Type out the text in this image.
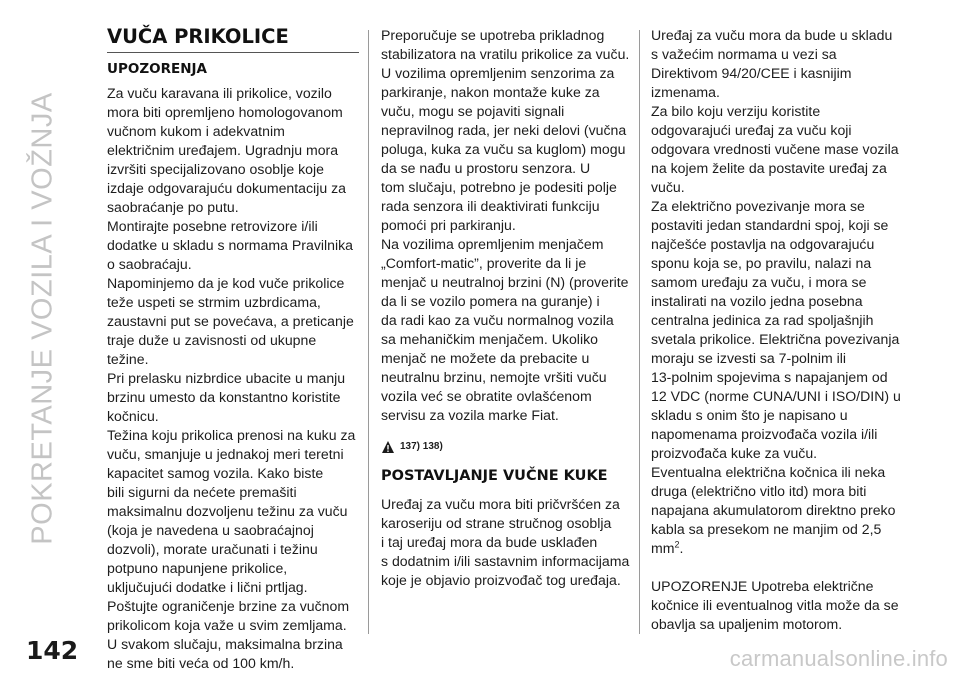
POKRETANJE VOZILA I VOŽNJA
VUČA PRIKOLICE
UPOZORENJA

Za vuču karavana ili prikolice, vozilo
mora biti opremljeno homologovanom
vučnom kukom i adekvatnim
električnim uređajem. Ugradnju mora
izvršiti specijalizovano osoblje koje
izdaje odgovarajuću dokumentaciju za
saobraćanje po putu.
Montirajte posebne retrovizore i/ili
dodatke u skladu s normama Pravilnika
o saobraćaju.
Napominjemo da je kod vuče prikolice
teže uspeti se strmim uzbrdicama,
zaustavni put se povećava, a preticanje
traje duže u zavisnosti od ukupne
težine.
Pri prelasku nizbrdice ubacite u manju
brzinu umesto da konstantno koristite
kočnicu.
Težina koju prikolica prenosi na kuku za
vuču, smanjuje u jednakoj meri teretni
kapacitet samog vozila. Kako biste
bili sigurni da nećete premašiti
maksimalnu dozvoljenu težinu za vuču
(koja je navedena u saobraćajnoj
dozvoli), morate uračunati i težinu
potpuno napunjene prikolice,
uključujući dodatke i lični prtljag.
Poštujte ograničenje brzine za vučnom
prikolicom koja važe u svim zemljama.
U svakom slučaju, maksimalna brzina
ne sme biti veća od 100 km/h.

Preporučuje se upotreba prikladnog
stabilizatora na vratilu prikolice za vuču.
U vozilima opremljenim senzorima za
parkiranje, nakon montaže kuke za
vuču, mogu se pojaviti signali
nepravilnog rada, jer neki delovi (vučna
poluga, kuka za vuču sa kuglom) mogu
da se nađu u prostoru senzora. U
tom slučaju, potrebno je podesiti polje
rada senzora ili deaktivirati funkciju
pomoći pri parkiranju.
Na vozilima opremljenim menjačem
„Comfort-matic”, proverite da li je
menjač u neutralnoj brzini (N) (proverite
da li se vozilo pomera na guranje) i
da radi kao za vuču normalnog vozila
sa mehaničkim menjačem. Ukoliko
menjač ne možete da prebacite u
neutralnu brzinu, nemojte vršiti vuču
vozila već se obratite ovlašćenom
servisu za vozila marke Fiat.

137) 138)
POSTAVLJANJE VUČNE KUKE

Uređaj za vuču mora biti pričvršćen za
karoseriju od strane stručnog osoblja
i taj uređaj mora da bude usklađen
s dodatnim i/ili sastavnim informacijama
koje je objavio proizvođač tog uređaja.

Uređaj za vuču mora da bude u skladu
s važećim normama u vezi sa
Direktivom 94/20/CEE i kasnijim
izmenama.
Za bilo koju verziju koristite
odgovarajući uređaj za vuču koji
odgovara vrednosti vučene mase vozila
na kojem želite da postavite uređaj za
vuču.
Za električno povezivanje mora se
postaviti jedan standardni spoj, koji se
najčešće postavlja na odgovarajuću
sponu koja se, po pravilu, nalazi na
samom uređaju za vuču, i mora se
instalirati na vozilo jedna posebna
centralna jedinica za rad spoljašnjih
svetala prikolice. Električna povezivanja
moraju se izvesti sa 7-polnim ili
13-polnim spojevima s napajanjem od
12 VDC (norme CUNA/UNI i ISO/DIN) u
skladu s onim što je napisano u
napomenama proizvođača vozila i/ili
proizvođača kuke za vuču.
Eventualna električna kočnica ili neka
druga (električno vitlo itd) mora biti
napajana akumulatorom direktno preko
kabla sa presekom ne manjim od 2,5
$mm^2$.

UPOZORENJE Upotreba električne
kočnice ili eventualnog vitla može da se
obavlja sa upaljenim motorom.

142	carmanualsonline.info
